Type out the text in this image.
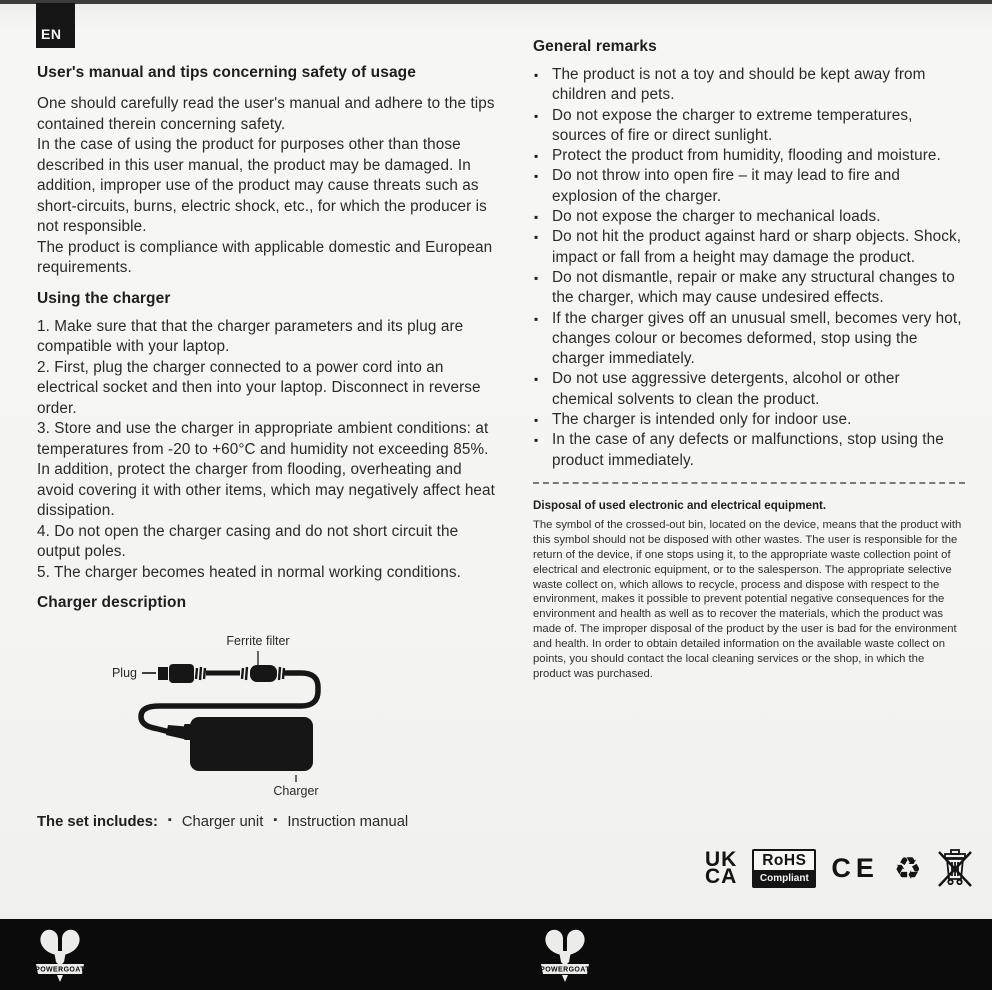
EN
User's manual and tips concerning safety of usage
One should carefully read the user's manual and adhere to the tips contained therein concerning safety.
In the case of using the product for purposes other than those described in this user manual, the product may be damaged. In addition, improper use of the product may cause threats such as short-circuits, burns, electric shock, etc., for which the producer is not responsible.
The product is compliance with applicable domestic and European requirements.
Using the charger
1. Make sure that that the charger parameters and its plug are compatible with your laptop.
2. First, plug the charger connected to a power cord into an electrical socket and then into your laptop. Disconnect in reverse order.
3. Store and use the charger in appropriate ambient conditions: at temperatures from -20 to +60°C and humidity not exceeding 85%. In addition, protect the charger from flooding, overheating and avoid covering it with other items, which may negatively affect heat dissipation.
4. Do not open the charger casing and do not short circuit the output poles.
5. The charger becomes heated in normal working conditions.
Charger description
Ferrite filter
Plug
Charger
The set includes:	▪ Charger unit	▪ Instruction manual
General remarks
▪ The product is not a toy and should be kept away from children and pets.
▪ Do not expose the charger to extreme temperatures, sources of fire or direct sunlight.
▪ Protect the product from humidity, flooding and moisture.
▪ Do not throw into open fire – it may lead to fire and explosion of the charger.
▪ Do not expose the charger to mechanical loads.
▪ Do not hit the product against hard or sharp objects. Shock, impact or fall from a height may damage the product.
▪ Do not dismantle, repair or make any structural changes to the charger, which may cause undesired effects.
▪ If the charger gives off an unusual smell, becomes very hot, changes colour or becomes deformed, stop using the charger immediately.
▪ Do not use aggressive detergents, alcohol or other chemical solvents to clean the product.
▪ The charger is intended only for indoor use.
▪ In the case of any defects or malfunctions, stop using the product immediately.
Disposal of used electronic and electrical equipment.

The symbol of the crossed-out bin, located on the device, means that the product with this symbol should not be disposed with other wastes. The user is responsible for the return of the device, if one stops using it, to the appropriate waste collection point of electrical and electronic equipment, or to the salesperson. The appropriate selective waste collect on, which allows to recycle, process and dispose with respect to the environment, makes it possible to prevent potential negative consequences for the environment and health as well as to recover the materials, which the product was made of. The improper disposal of the product by the user is bad for the environment and health. In order to obtain detailed information on the available waste collect on points, you should contact the local cleaning services or the shop, in which the product was purchased.

UK
CA
RoHS
Compliant CE ♻
POWERGOAT	POWERGOAT
